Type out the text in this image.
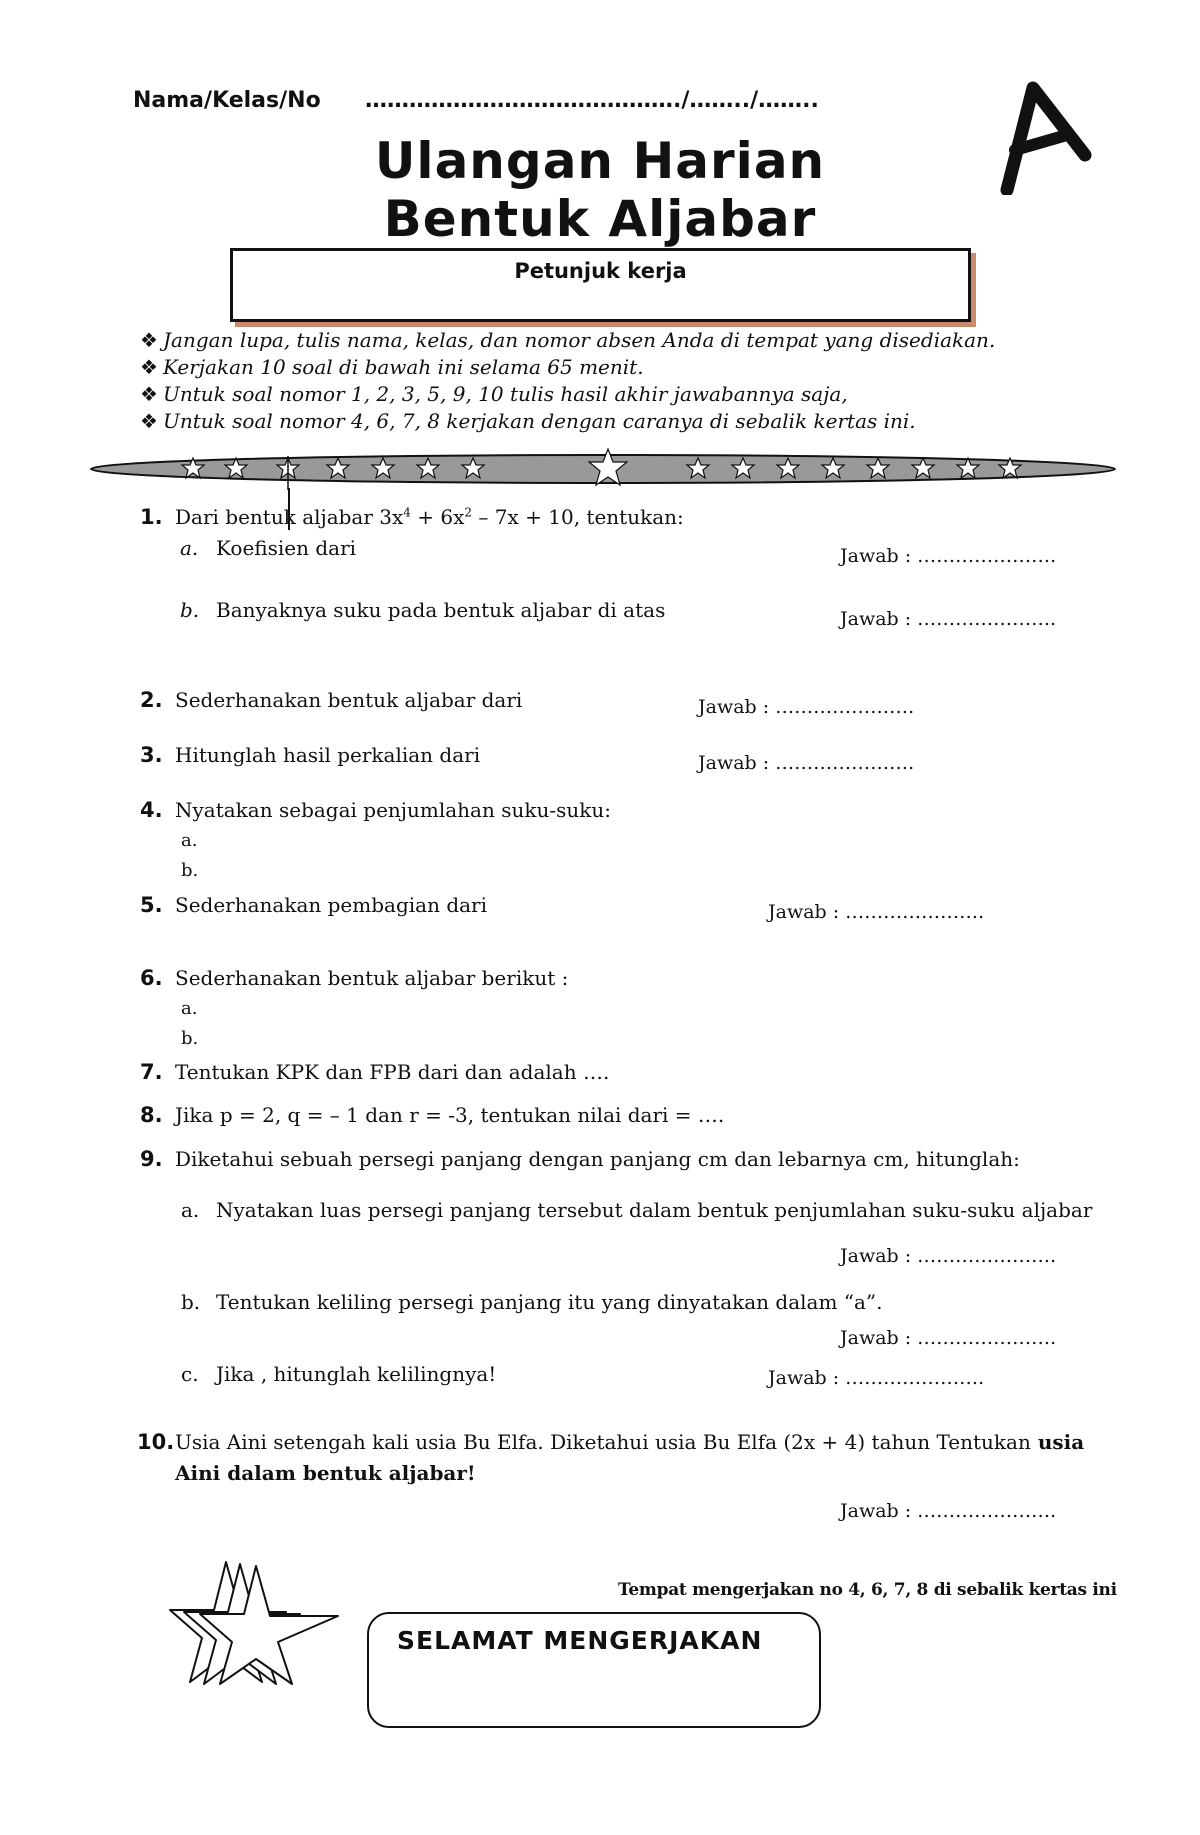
Nama/Kelas/No ……………………………………./……../……..
Ulangan Harian
Bentuk Aljabar
Petunjuk kerja
❖ Jangan lupa, tulis nama, kelas, dan nomor absen Anda di tempat yang disediakan.
❖ Kerjakan 10 soal di bawah ini selama 65 menit.
❖ Untuk soal nomor 1, 2, 3, 5, 9, 10 tulis hasil akhir jawabannya saja,
❖ Untuk soal nomor 4, 6, 7, 8 kerjakan dengan caranya di sebalik kertas ini.
1. Dari bentuk aljabar $3x^4 + 6x^2 - 7x + 10$, tentukan:
a. Koefisien dari	Jawab : ………………….
b. Banyaknya suku pada bentuk aljabar di atas	Jawab : ………………….
2. Sederhanakan bentuk aljabar dari	Jawab : ………………….
3. Hitunglah hasil perkalian dari	Jawab : ………………….
4. Nyatakan sebagai penjumlahan suku-suku:
a.
b.
5. Sederhanakan pembagian dari	Jawab : ………………….
6. Sederhanakan bentuk aljabar berikut :
a.
b.
7. Tentukan KPK dan FPB dari dan adalah ….
8. Jika p = 2, q = – 1 dan r = -3, tentukan nilai dari = ….
9. Diketahui sebuah persegi panjang dengan panjang cm dan lebarnya cm, hitunglah:
a. Nyatakan luas persegi panjang tersebut dalam bentuk penjumlahan suku-suku aljabar
Jawab : ………………….
b. Tentukan keliling persegi panjang itu yang dinyatakan dalam “a”.
Jawab : ………………….
c. Jika , hitunglah kelilingnya!	Jawab : ………………….
10. Usia Aini setengah kali usia Bu Elfa. Diketahui usia Bu Elfa (2x + 4) tahun Tentukan usia
Aini dalam bentuk aljabar!
Jawab : ………………….
Tempat mengerjakan no 4, 6, 7, 8 di sebalik kertas ini
SELAMAT MENGERJAKAN
